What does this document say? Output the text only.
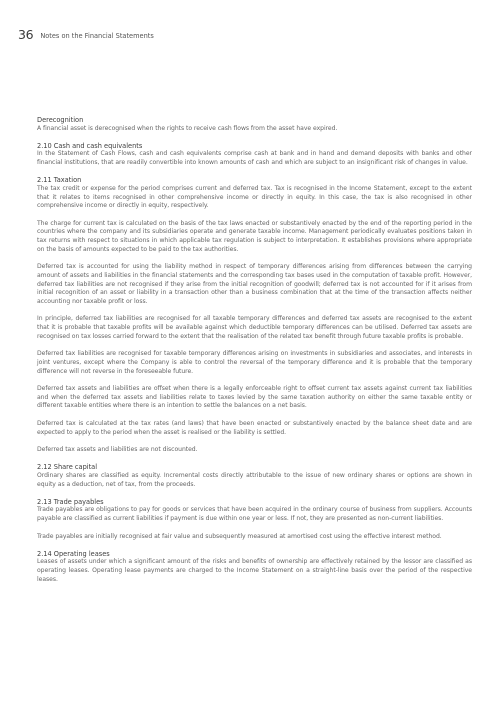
36 Notes on the Financial Statements

Derecognition

A financial asset is derecognised when the rights to receive cash flows from the asset have expired.

2.10 Cash and cash equivalents

In the Statement of Cash Flows, cash and cash equivalents comprise cash at bank and in hand and demand deposits with banks and other financial institutions, that are readily convertible into known amounts of cash and which are subject to an insignificant risk of changes in value.

2.11 Taxation

The tax credit or expense for the period comprises current and deferred tax. Tax is recognised in the Income Statement, except to the extent that it relates to items recognised in other comprehensive income or directly in equity. In this case, the tax is also recognised in other comprehensive income or directly in equity, respectively.

The charge for current tax is calculated on the basis of the tax laws enacted or substantively enacted by the end of the reporting period in the countries where the company and its subsidiaries operate and generate taxable income. Management periodically evaluates positions taken in tax returns with respect to situations in which applicable tax regulation is subject to interpretation. It establishes provisions where appropriate on the basis of amounts expected to be paid to the tax authorities.

Deferred tax is accounted for using the liability method in respect of temporary differences arising from differences between the carrying amount of assets and liabilities in the financial statements and the corresponding tax bases used in the computation of taxable profit. However, deferred tax liabilities are not recognised if they arise from the initial recognition of goodwill; deferred tax is not accounted for if it arises from initial recognition of an asset or liability in a transaction other than a business combination that at the time of the transaction affects neither accounting nor taxable profit or loss.

In principle, deferred tax liabilities are recognised for all taxable temporary differences and deferred tax assets are recognised to the extent that it is probable that taxable profits will be available against which deductible temporary differences can be utilised. Deferred tax assets are recognised on tax losses carried forward to the extent that the realisation of the related tax benefit through future taxable profits is probable.

Deferred tax liabilities are recognised for taxable temporary differences arising on investments in subsidiaries and associates, and interests in joint ventures, except where the Company is able to control the reversal of the temporary difference and it is probable that the temporary difference will not reverse in the foreseeable future.

Deferred tax assets and liabilities are offset when there is a legally enforceable right to offset current tax assets against current tax liabilities and when the deferred tax assets and liabilities relate to taxes levied by the same taxation authority on either the same taxable entity or different taxable entities where there is an intention to settle the balances on a net basis.

Deferred tax is calculated at the tax rates (and laws) that have been enacted or substantively enacted by the balance sheet date and are expected to apply to the period when the asset is realised or the liability is settled.

Deferred tax assets and liabilities are not discounted.

2.12 Share capital

Ordinary shares are classified as equity. Incremental costs directly attributable to the issue of new ordinary shares or options are shown in equity as a deduction, net of tax, from the proceeds.

2.13 Trade payables

Trade payables are obligations to pay for goods or services that have been acquired in the ordinary course of business from suppliers. Accounts payable are classified as current liabilities if payment is due within one year or less. If not, they are presented as non-current liabilities.

Trade payables are initially recognised at fair value and subsequently measured at amortised cost using the effective interest method.

2.14 Operating leases

Leases of assets under which a significant amount of the risks and benefits of ownership are effectively retained by the lessor are classified as operating leases. Operating lease payments are charged to the Income Statement on a straight-line basis over the period of the respective leases.
